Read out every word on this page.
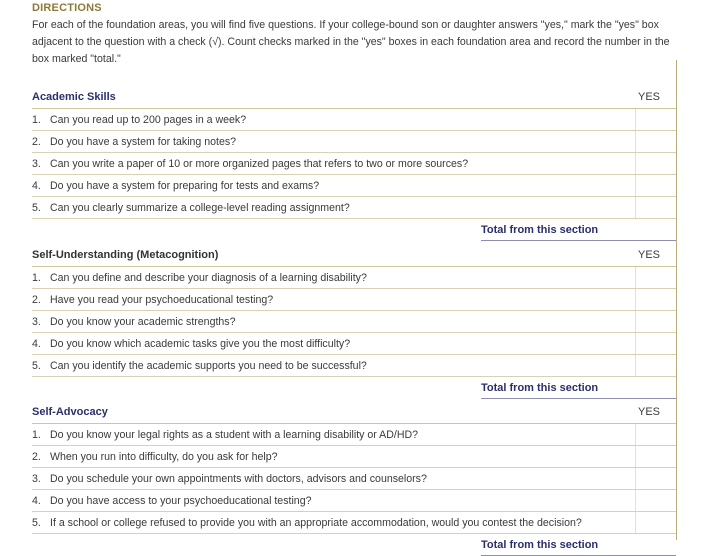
DIRECTIONS
For each of the foundation areas, you will find five questions. If your college-bound son or daughter answers "yes," mark the "yes" box adjacent to the question with a check (√). Count checks marked in the "yes" boxes in each foundation area and record the number in the box marked "total."
Academic Skills	YES
1. Can you read up to 200 pages in a week?
2. Do you have a system for taking notes?
3. Can you write a paper of 10 or more organized pages that refers to two or more sources?
4. Do you have a system for preparing for tests and exams?
5. Can you clearly summarize a college-level reading assignment?
Total from this section
Self-Understanding (Metacognition)	YES
1. Can you define and describe your diagnosis of a learning disability?
2. Have you read your psychoeducational testing?
3. Do you know your academic strengths?
4. Do you know which academic tasks give you the most difficulty?
5. Can you identify the academic supports you need to be successful?
Total from this section
Self-Advocacy	YES
1. Do you know your legal rights as a student with a learning disability or AD/HD?
2. When you run into difficulty, do you ask for help?
3. Do you schedule your own appointments with doctors, advisors and counselors?
4. Do you have access to your psychoeducational testing?
5. If a school or college refused to provide you with an appropriate accommodation, would you contest the decision?
Total from this section
